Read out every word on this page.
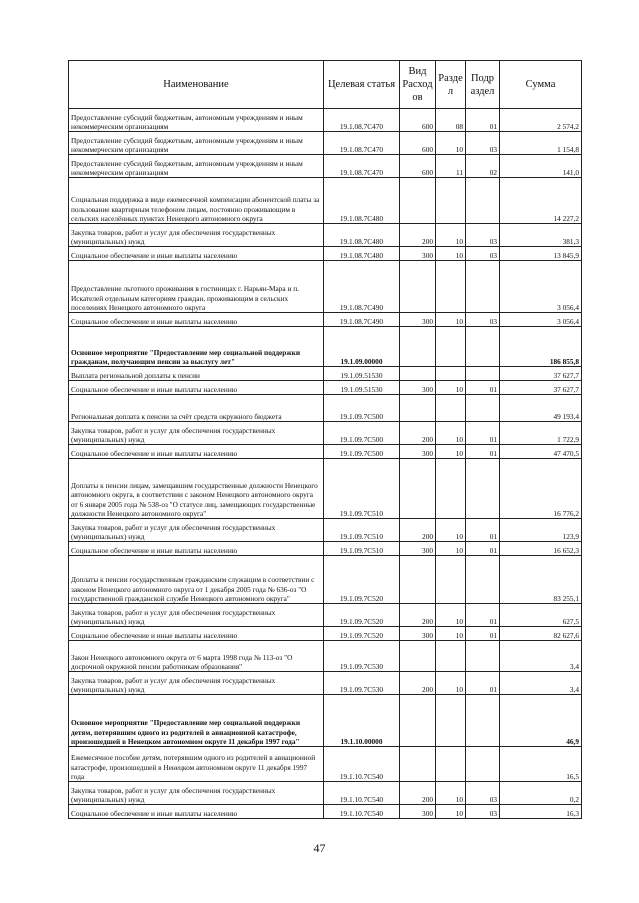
Наименование	Целевая статья	Вид Расход ов	Разде л	Подр аздел	Сумма
Предоставление субсидий бюджетным, автономным учреждениям и иным некоммерческим организациям	19.1.08.7С470	600	08	01	2 574,2
Предоставление субсидий бюджетным, автономным учреждениям и иным некоммерческим организациям	19.1.08.7С470	600	10	03	1 154,8
Предоставление субсидий бюджетным, автономным учреждениям и иным некоммерческим организациям	19.1.08.7С470	600	11	02	141,0
Социальная поддержка в виде ежемесячной компенсации абонентской платы за пользование квартирным телефоном лицам, постоянно проживающим в сельских населённых пунктах Ненецкого автономного округа	19.1.08.7С480				14 227,2
Закупка товаров, работ и услуг для обеспечения государственных (муниципальных) нужд	19.1.08.7С480	200	10	03	381,3
Социальное обеспечение и иные выплаты населению	19.1.08.7С480	300	10	03	13 845,9
Предоставление льготного проживания в гостиницах г. Нарьян-Мара и п. Искателей отдельным категориям граждан, проживающим в сельских поселениях Ненецкого автономного округа	19.1.08.7С490				3 056,4
Социальное обеспечение и иные выплаты населению	19.1.08.7С490	300	10	03	3 056,4
Основное мероприятие "Предоставление мер социальной поддержки гражданам, получающим пенсии за выслугу лет"	19.1.09.00000				186 855,8
Выплата региональной доплаты к пенсии	19.1.09.51530				37 627,7
Социальное обеспечение и иные выплаты населению	19.1.09.51530	300	10	01	37 627,7
Региональная доплата к пенсии за счёт средств окружного бюджета	19.1.09.7С500				49 193,4
Закупка товаров, работ и услуг для обеспечения государственных (муниципальных) нужд	19.1.09.7С500	200	10	01	1 722,9
Социальное обеспечение и иные выплаты населению	19.1.09.7С500	300	10	01	47 470,5
Доплаты к пенсии лицам, замещавшим государственные должности Ненецкого автономного округа, в соответствии с законом Ненецкого автономного округа от 6 января 2005 года № 538-оз "О статусе лиц, замещающих государственные должности Ненецкого автономного округа"	19.1.09.7С510				16 776,2
Закупка товаров, работ и услуг для обеспечения государственных (муниципальных) нужд	19.1.09.7С510	200	10	01	123,9
Социальное обеспечение и иные выплаты населению	19.1.09.7С510	300	10	01	16 652,3
Доплаты к пенсии государственным гражданским служащим в соответствии с законом Ненецкого автономного округа от 1 декабря 2005 года № 636-оз "О государственной гражданской службе Ненецкого автономного округа"	19.1.09.7С520				83 255,1
Закупка товаров, работ и услуг для обеспечения государственных (муниципальных) нужд	19.1.09.7С520	200	10	01	627,5
Социальное обеспечение и иные выплаты населению	19.1.09.7С520	300	10	01	82 627,6
Закон Ненецкого автономного округа от 6 марта 1998 года № 113-оз "О досрочной окружной пенсии работникам образования"	19.1.09.7С530				3,4
Закупка товаров, работ и услуг для обеспечения государственных (муниципальных) нужд	19.1.09.7С530	200	10	01	3,4
Основное мероприятие "Предоставление мер социальной поддержки детям, потерявшим одного из родителей в авиационной катастрофе, произошедшей в Ненецком автономном округе 11 декабря 1997 года"	19.1.10.00000				46,9
Ежемесячное пособие детям, потерявшим одного из родителей в авиационной катастрофе, произошедшей в Ненецком автономном округе 11 декабря 1997 года	19.1.10.7С540				16,5
Закупка товаров, работ и услуг для обеспечения государственных (муниципальных) нужд	19.1.10.7С540	200	10	03	0,2
Социальное обеспечение и иные выплаты населению	19.1.10.7С540	300	10	03	16,3
47
